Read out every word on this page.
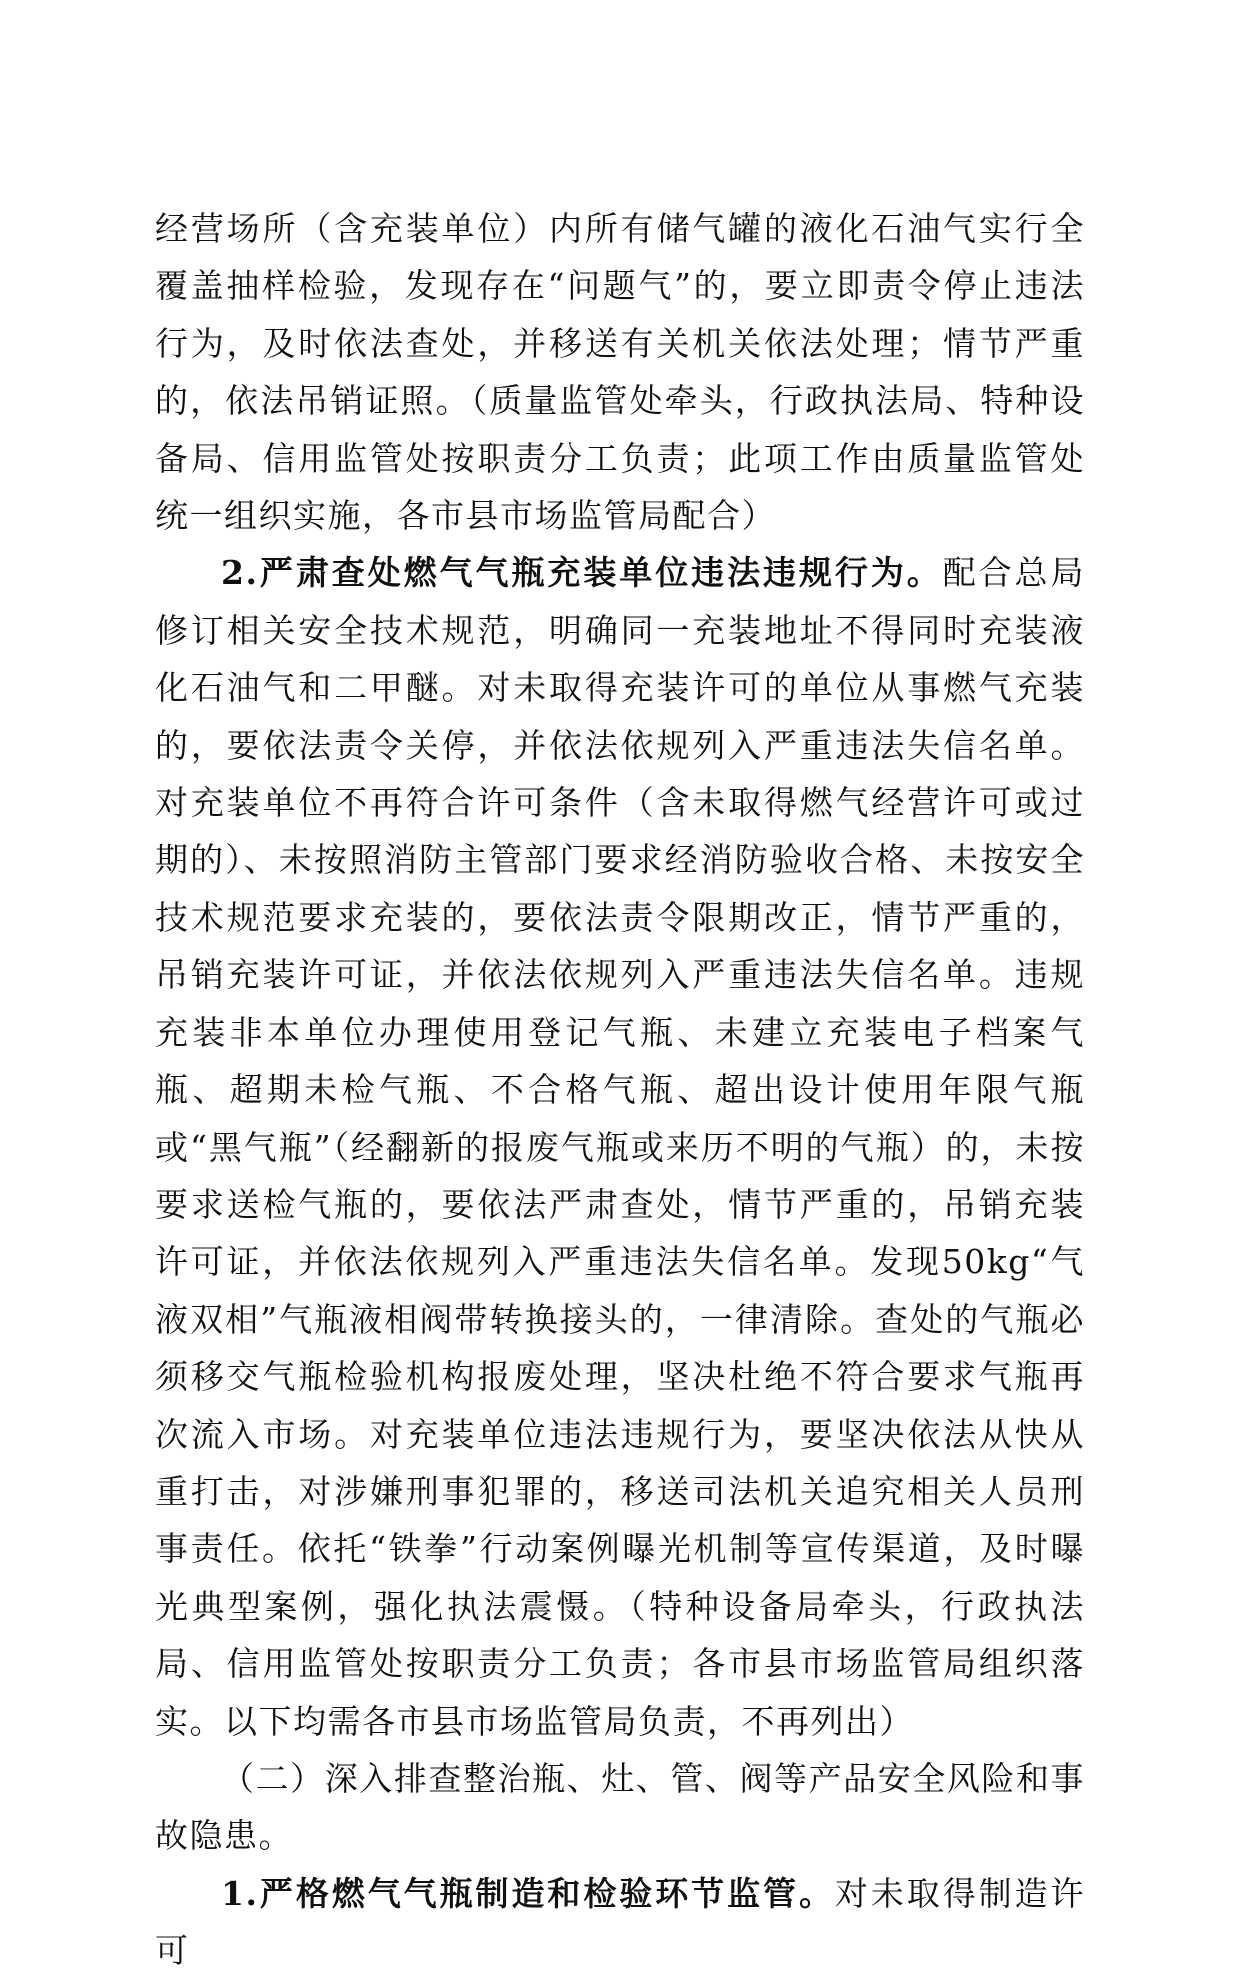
经营场所（含充装单位）内所有储气罐的液化石油气实行全覆盖抽样检验，发现存在“问题气”的，要立即责令停止违法行为，及时依法查处，并移送有关机关依法处理；情节严重的，依法吊销证照。（质量监管处牵头，行政执法局、特种设备局、信用监管处按职责分工负责；此项工作由质量监管处统一组织实施，各市县市场监管局配合）

2.严肃查处燃气气瓶充装单位违法违规行为。配合总局修订相关安全技术规范，明确同一充装地址不得同时充装液化石油气和二甲醚。对未取得充装许可的单位从事燃气充装的，要依法责令关停，并依法依规列入严重违法失信名单。对充装单位不再符合许可条件（含未取得燃气经营许可或过期的）、未按照消防主管部门要求经消防验收合格、未按安全技术规范要求充装的，要依法责令限期改正，情节严重的，吊销充装许可证，并依法依规列入严重违法失信名单。违规充装非本单位办理使用登记气瓶、未建立充装电子档案气瓶、超期未检气瓶、不合格气瓶、超出设计使用年限气瓶或“黑气瓶”（经翻新的报废气瓶或来历不明的气瓶）的，未按要求送检气瓶的，要依法严肃查处，情节严重的，吊销充装许可证，并依法依规列入严重违法失信名单。发现50kg“气液双相”气瓶液相阀带转换接头的，一律清除。查处的气瓶必须移交气瓶检验机构报废处理，坚决杜绝不符合要求气瓶再次流入市场。对充装单位违法违规行为，要坚决依法从快从重打击，对涉嫌刑事犯罪的，移送司法机关追究相关人员刑事责任。依托“铁拳”行动案例曝光机制等宣传渠道，及时曝光典型案例，强化执法震慑。（特种设备局牵头，行政执法局、信用监管处按职责分工负责；各市县市场监管局组织落实。以下均需各市县市场监管局负责，不再列出）

（二）深入排查整治瓶、灶、管、阀等产品安全风险和事故隐患。

1.严格燃气气瓶制造和检验环节监管。对未取得制造许可
